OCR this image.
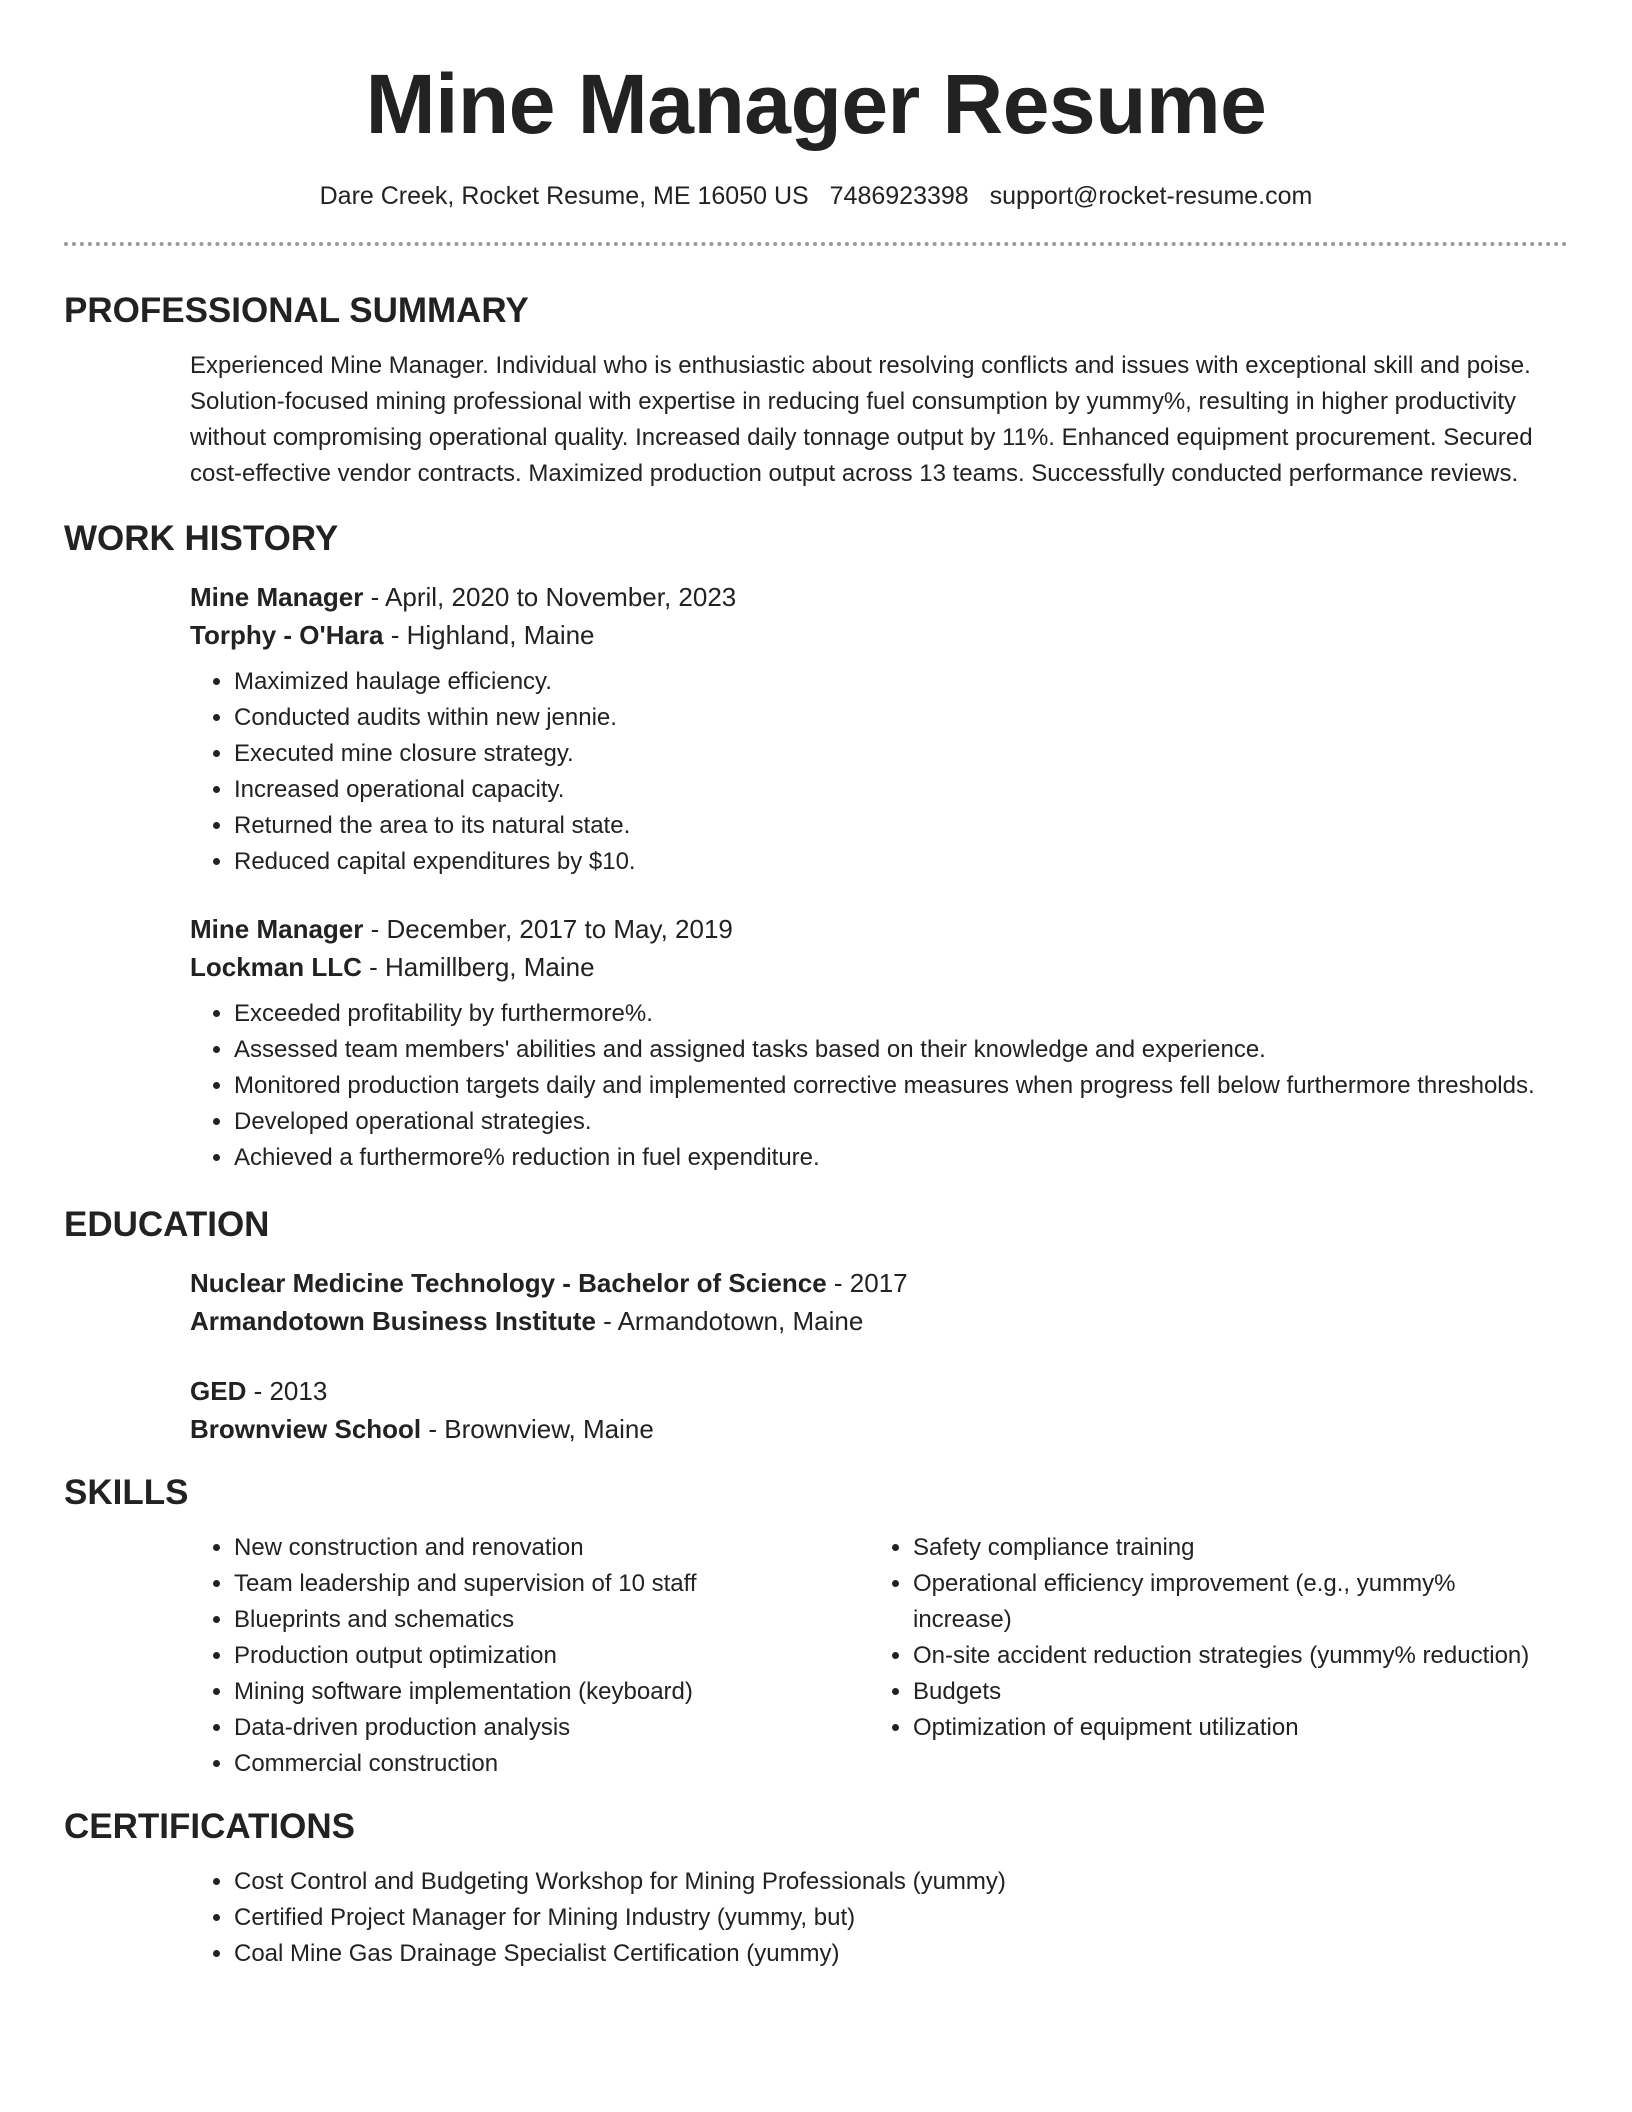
Mine Manager Resume
Dare Creek, Rocket Resume, ME 16050 US 7486923398 support@rocket-resume.com
PROFESSIONAL SUMMARY

Experienced Mine Manager. Individual who is enthusiastic about resolving conflicts and issues with exceptional skill and poise. Solution-focused mining professional with expertise in reducing fuel consumption by yummy%, resulting in higher productivity without compromising operational quality. Increased daily tonnage output by 11%. Enhanced equipment procurement. Secured cost-effective vendor contracts. Maximized production output across 13 teams. Successfully conducted performance reviews.

WORK HISTORY

Mine Manager - April, 2020 to November, 2023

Torphy - O'Hara - Highland, Maine

• Maximized haulage efficiency.
• Conducted audits within new jennie.
• Executed mine closure strategy.
• Increased operational capacity.
• Returned the area to its natural state.
• Reduced capital expenditures by $10.

Mine Manager - December, 2017 to May, 2019

Lockman LLC - Hamillberg, Maine

• Exceeded profitability by furthermore%.
• Assessed team members' abilities and assigned tasks based on their knowledge and experience.
• Monitored production targets daily and implemented corrective measures when progress fell below furthermore thresholds.
• Developed operational strategies.
• Achieved a furthermore% reduction in fuel expenditure.
EDUCATION

Nuclear Medicine Technology - Bachelor of Science - 2017

Armandotown Business Institute - Armandotown, Maine

GED - 2013

Brownview School - Brownview, Maine

SKILLS
• New construction and renovation
• Team leadership and supervision of 10 staff
• Blueprints and schematics
• Production output optimization
• Mining software implementation (keyboard)
• Data-driven production analysis
• Commercial construction
• Safety compliance training
• Operational efficiency improvement (e.g., yummy% increase)
• On-site accident reduction strategies (yummy% reduction)
• Budgets
• Optimization of equipment utilization
CERTIFICATIONS
• Cost Control and Budgeting Workshop for Mining Professionals (yummy)
• Certified Project Manager for Mining Industry (yummy, but)
• Coal Mine Gas Drainage Specialist Certification (yummy)
